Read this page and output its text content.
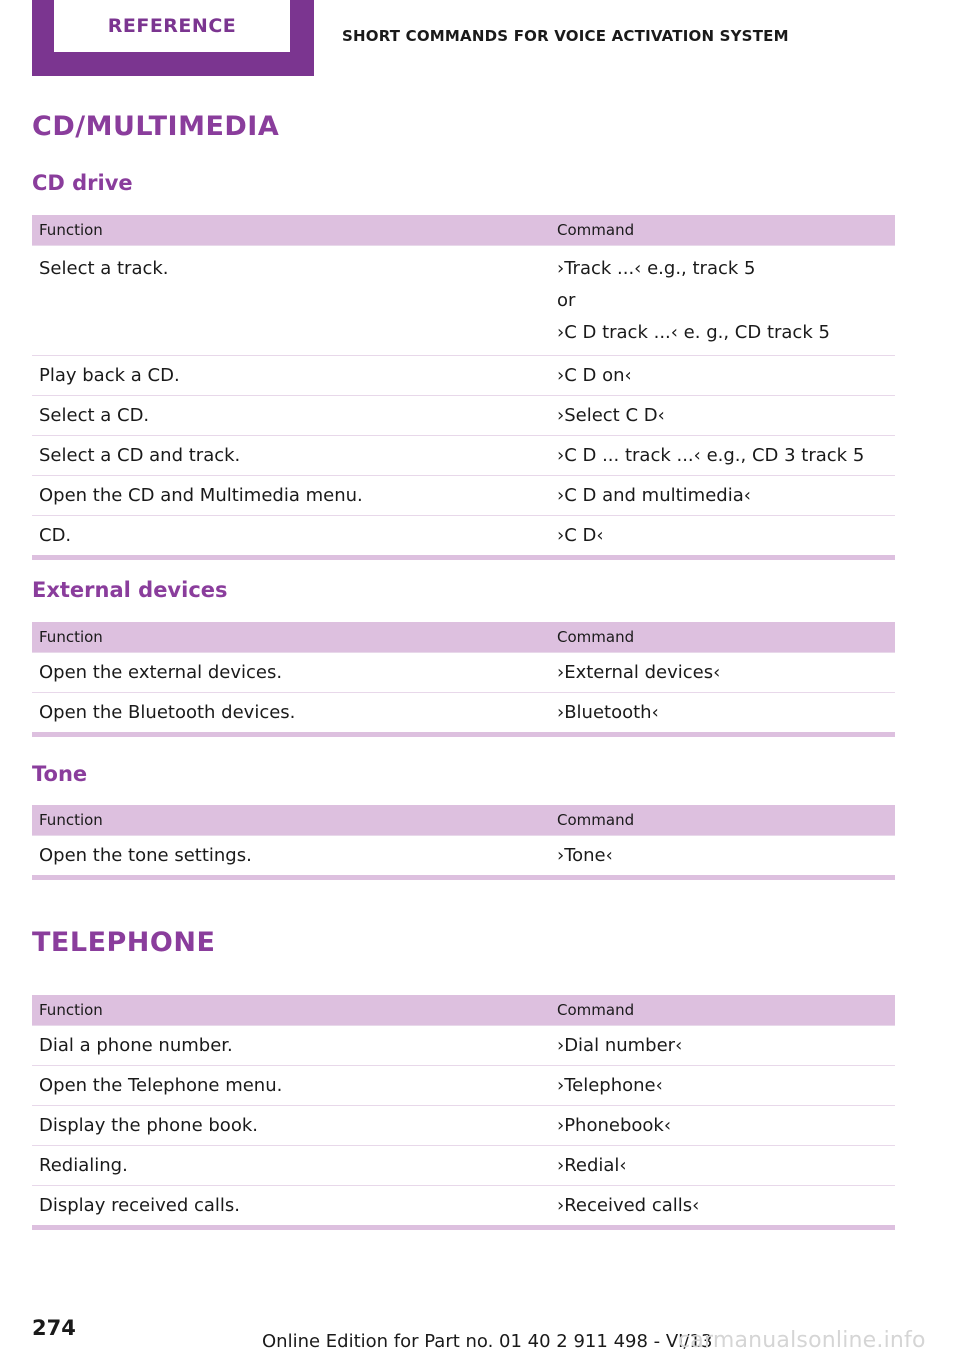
REFERENCE	SHORT COMMANDS FOR VOICE ACTIVATION SYSTEM
CD/MULTIMEDIA
CD drive
Function	Command
Select a track.	›Track ...‹ e.g., track 5
or
›C D track ...‹ e. g., CD track 5
Play back a CD.	›C D on‹
Select a CD.	›Select C D‹
Select a CD and track.	›C D ... track ...‹ e.g., CD 3 track 5
Open the CD and Multimedia menu.	›C D and multimedia‹
CD.	›C D‹
External devices
Function	Command
Open the external devices.	›External devices‹
Open the Bluetooth devices.	›Bluetooth‹
Tone
Function	Command
Open the tone settings.	›Tone‹
TELEPHONE
Function	Command
Dial a phone number.	›Dial number‹
Open the Telephone menu.	›Telephone‹
Display the phone book.	›Phonebook‹
Redialing.	›Redial‹
Display received calls.	›Received calls‹
274
Online Edition for Part no. 01 40 2 911 498 - VI/13
carmanualsonline.info
